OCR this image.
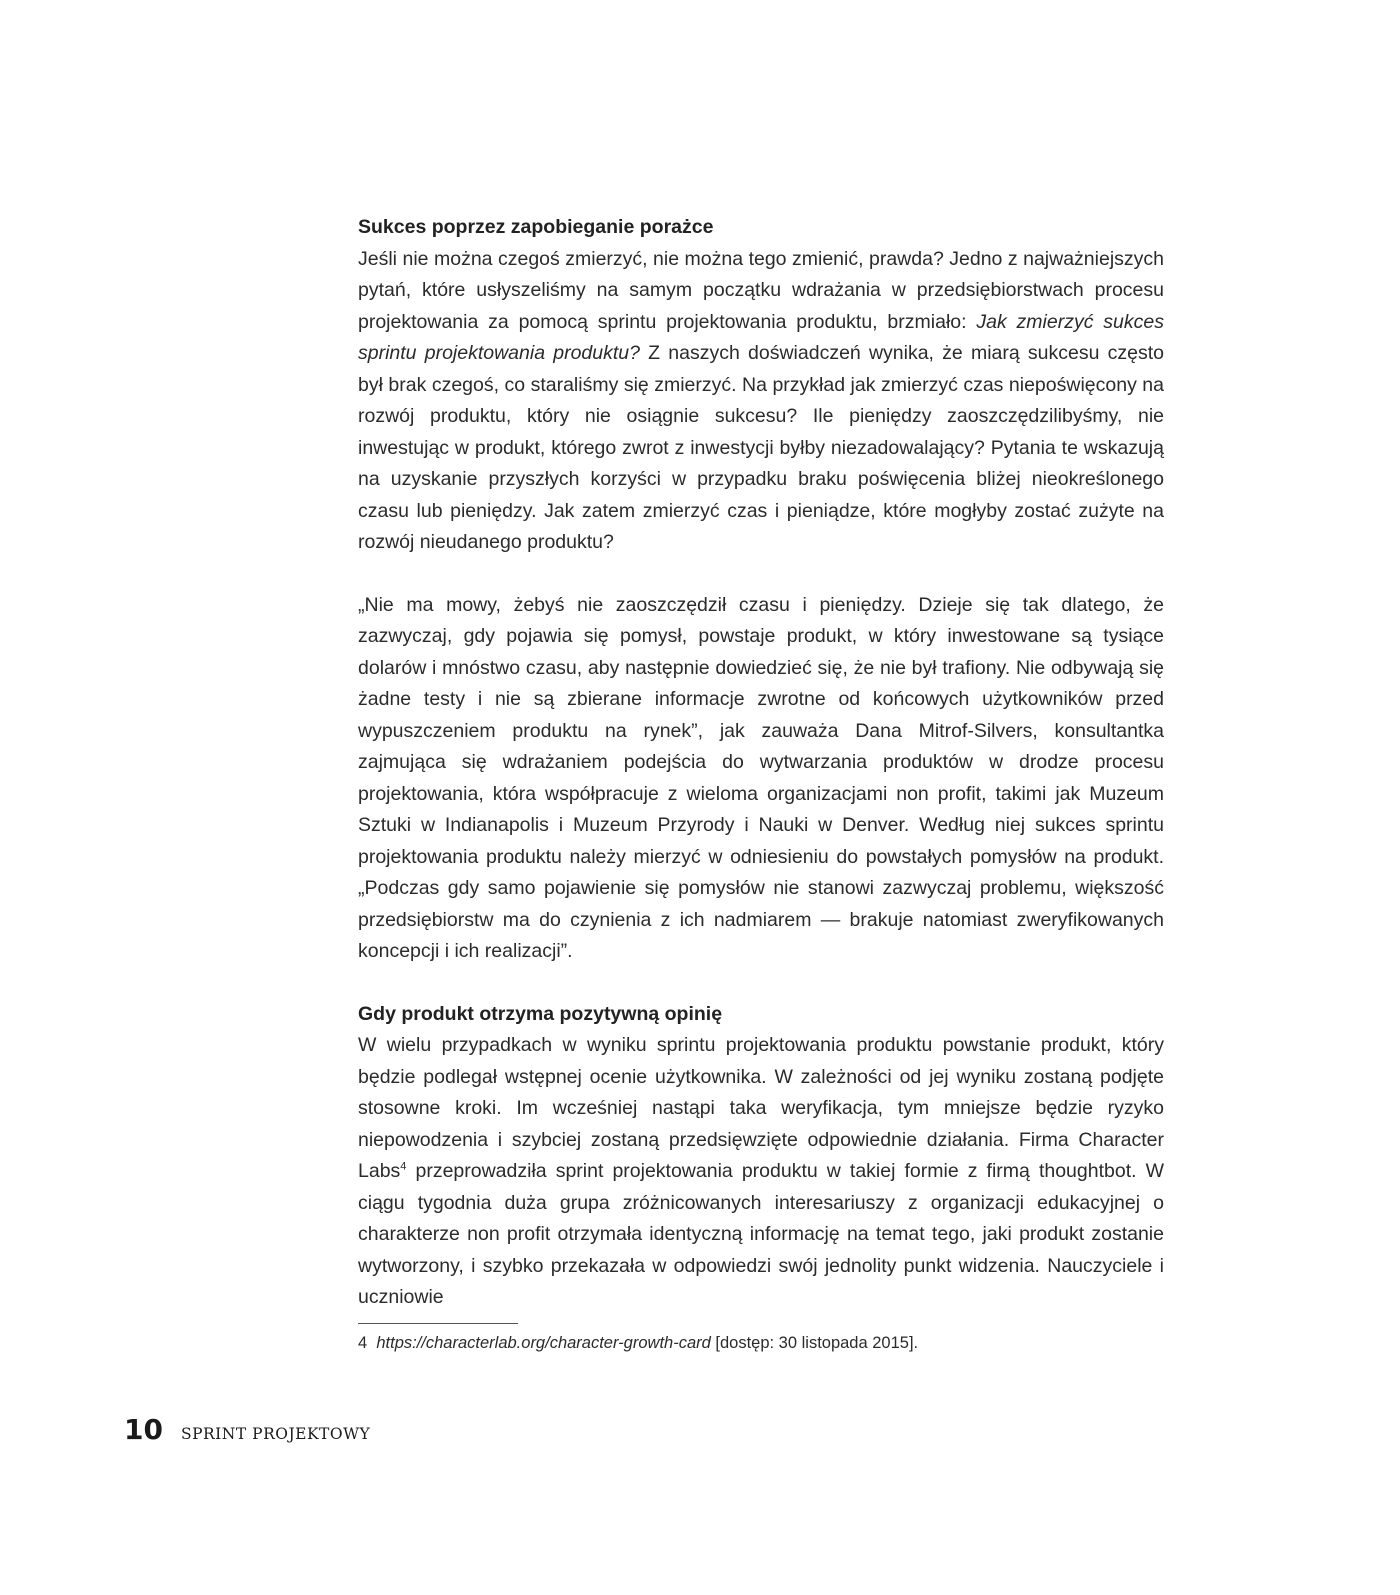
Sukces poprzez zapobieganie porażce

Jeśli nie można czegoś zmierzyć, nie można tego zmienić, prawda? Jedno z najważniejszych pytań, które usłyszeliśmy na samym początku wdrażania w przedsiębiorstwach procesu projektowania za pomocą sprintu projektowania produktu, brzmiało: Jak zmierzyć sukces sprintu projektowania produktu? Z naszych doświadczeń wynika, że miarą sukcesu często był brak czegoś, co staraliśmy się zmierzyć. Na przykład jak zmierzyć czas niepoświęcony na rozwój produktu, który nie osiągnie sukcesu? Ile pieniędzy zaoszczędzilibyśmy, nie inwestując w produkt, którego zwrot z inwestycji byłby niezadowalający? Pytania te wskazują na uzyskanie przyszłych korzyści w przypadku braku poświęcenia bliżej nieokreślonego czasu lub pieniędzy. Jak zatem zmierzyć czas i pieniądze, które mogłyby zostać zużyte na rozwój nieudanego produktu?

„Nie ma mowy, żebyś nie zaoszczędził czasu i pieniędzy. Dzieje się tak dlatego, że zazwyczaj, gdy pojawia się pomysł, powstaje produkt, w który inwestowane są tysiące dolarów i mnóstwo czasu, aby następnie dowiedzieć się, że nie był trafiony. Nie odbywają się żadne testy i nie są zbierane informacje zwrotne od końcowych użytkowników przed wypuszczeniem produktu na rynek”, jak zauważa Dana Mitrof-Silvers, konsultantka zajmująca się wdrażaniem podejścia do wytwarzania produktów w drodze procesu projektowania, która współpracuje z wieloma organizacjami non profit, takimi jak Muzeum Sztuki w Indianapolis i Muzeum Przyrody i Nauki w Denver. Według niej sukces sprintu projektowania produktu należy mierzyć w odniesieniu do powstałych pomysłów na produkt. „Podczas gdy samo pojawienie się pomysłów nie stanowi zazwyczaj problemu, większość przedsiębiorstw ma do czynienia z ich nadmiarem — brakuje natomiast zweryfikowanych koncepcji i ich realizacji”.

Gdy produkt otrzyma pozytywną opinię

W wielu przypadkach w wyniku sprintu projektowania produktu powstanie produkt, który będzie podlegał wstępnej ocenie użytkownika. W zależności od jej wyniku zostaną podjęte stosowne kroki. Im wcześniej nastąpi taka weryfikacja, tym mniejsze będzie ryzyko niepowodzenia i szybciej zostaną przedsięwzięte odpowiednie działania. Firma Character Labs$^4$ przeprowadziła sprint projektowania produktu w takiej formie z firmą thoughtbot. W ciągu tygodnia duża grupa zróżnicowanych interesariuszy z organizacji edukacyjnej o charakterze non profit otrzymała identyczną informację na temat tego, jaki produkt zostanie wytworzony, i szybko przekazała w odpowiedzi swój jednolity punkt widzenia. Nauczyciele i uczniowie

4 https://characterlab.org/character-growth-card [dostęp: 30 listopada 2015].
10 SPRINT PROJEKTOWY
